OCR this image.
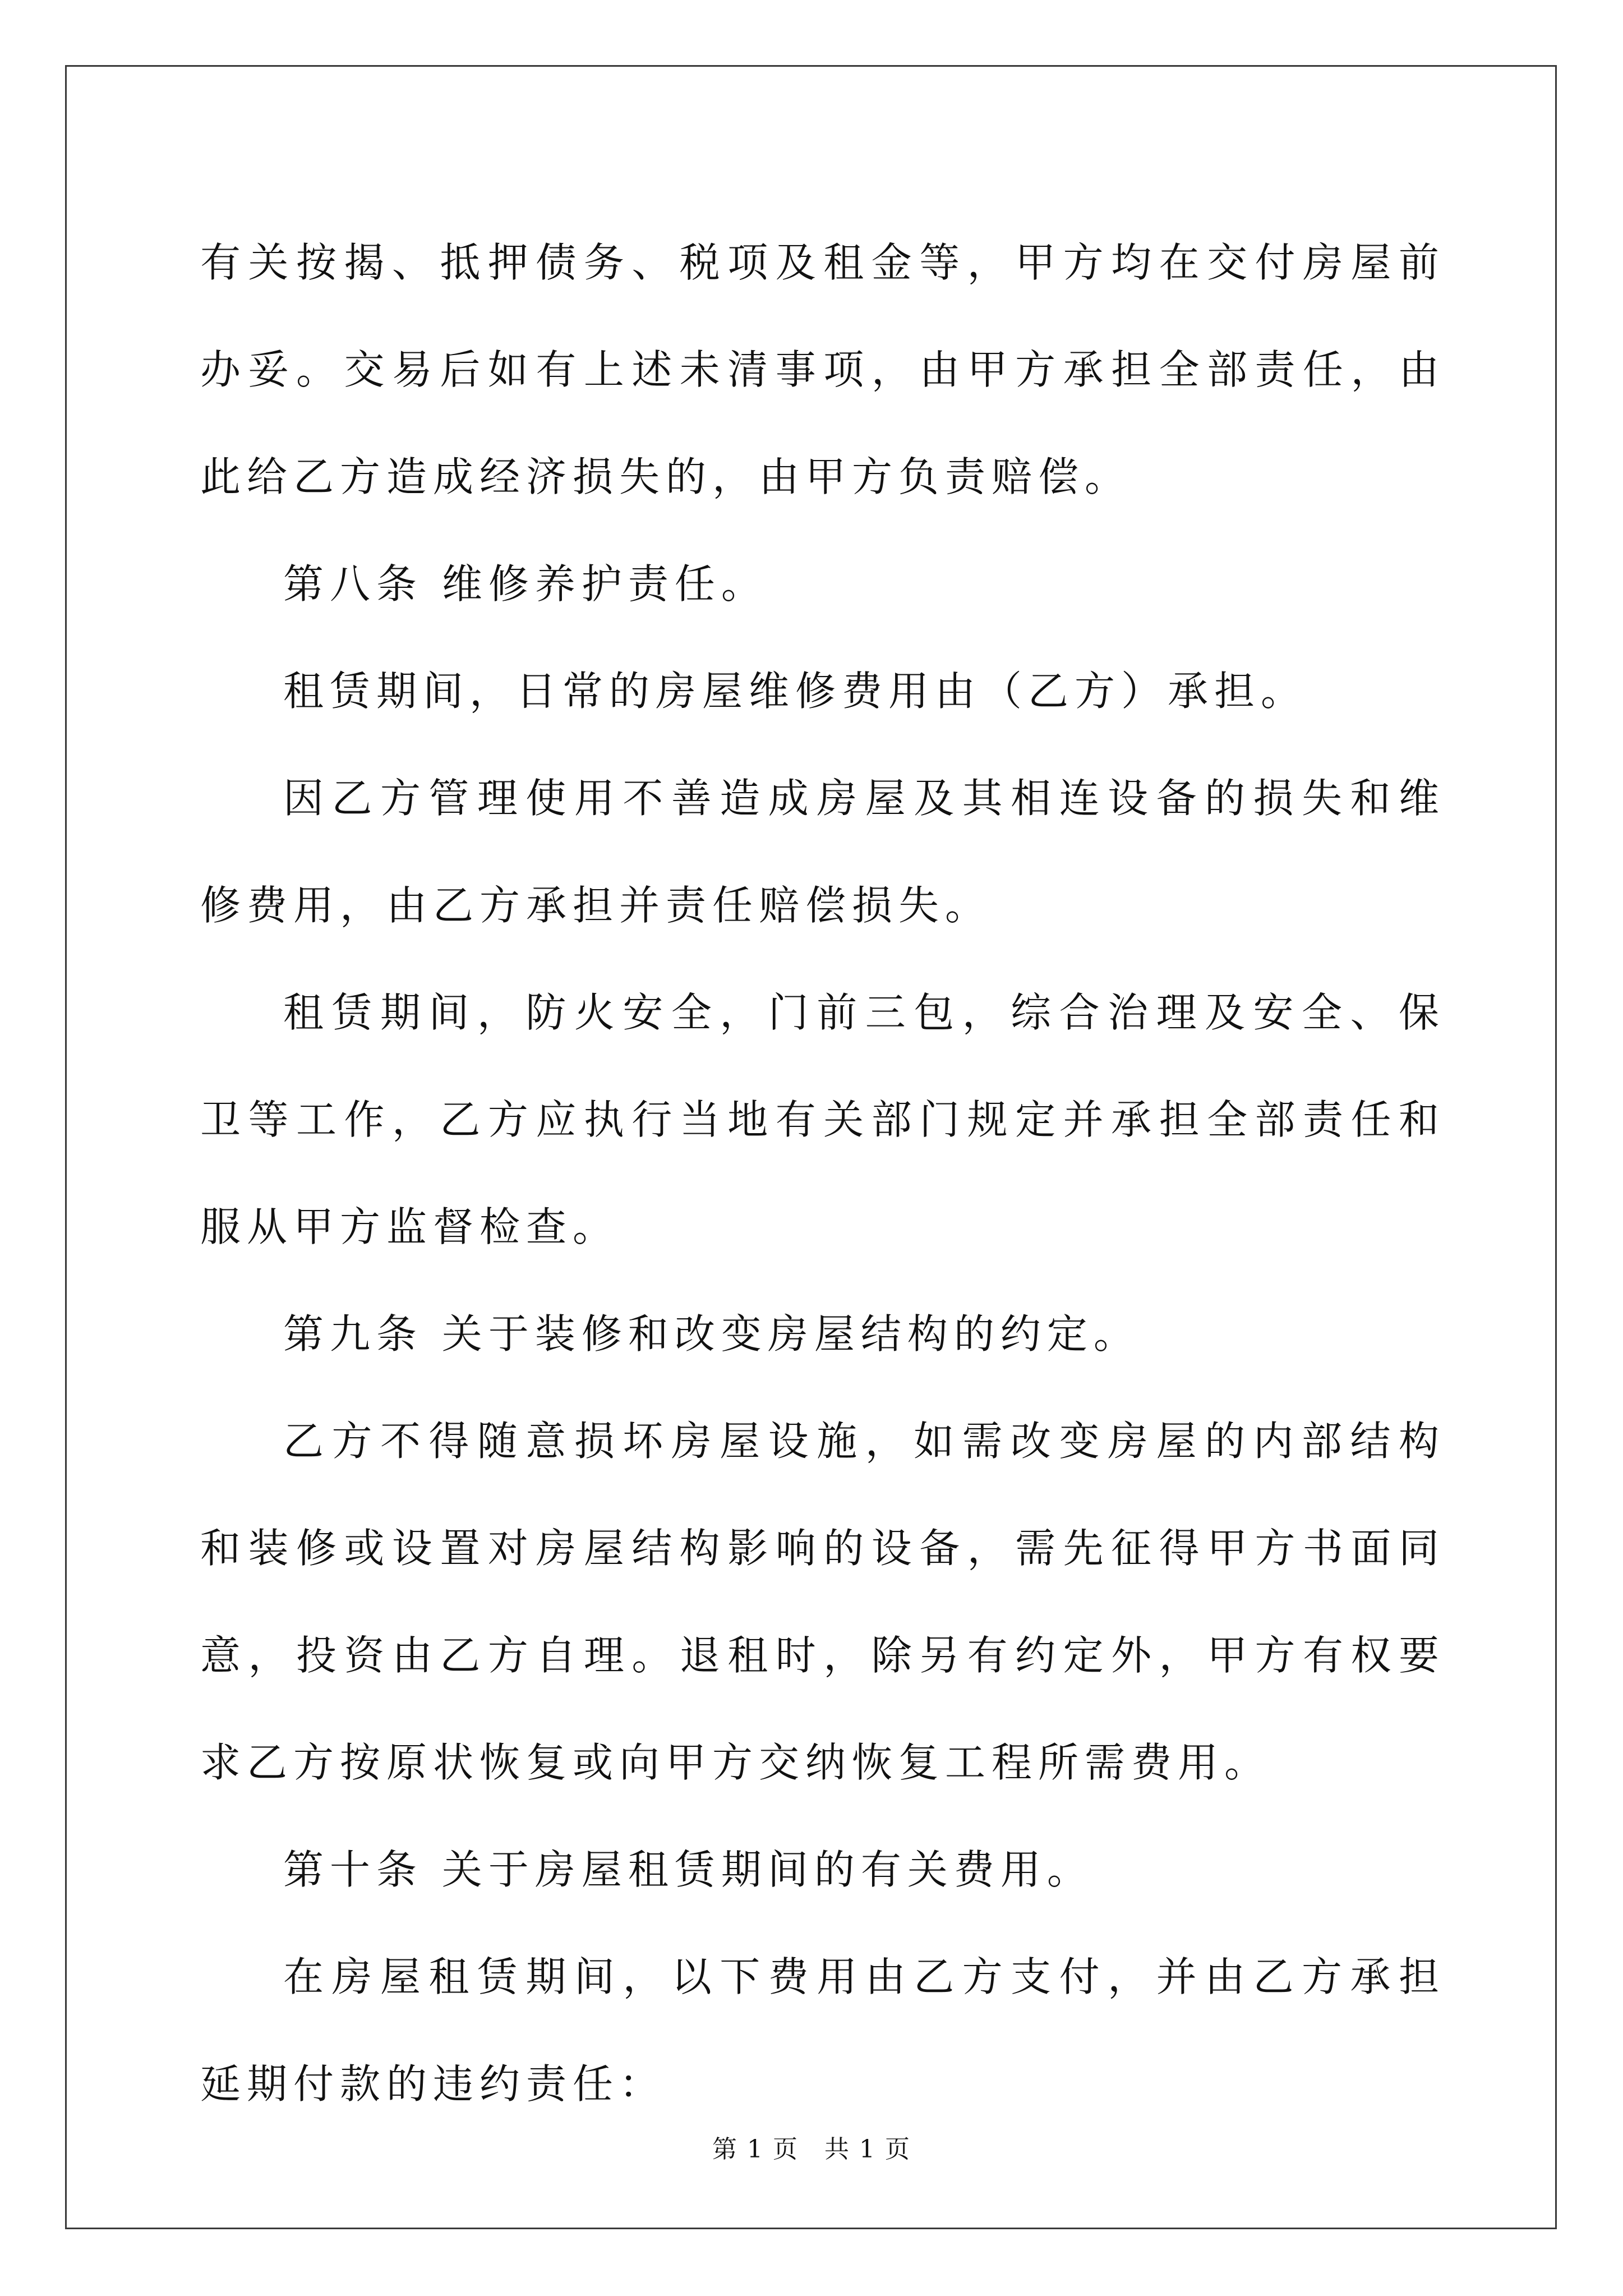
有关按揭、抵押债务、税项及租金等，甲方均在交付房屋前办妥。交易后如有上述未清事项，由甲方承担全部责任，由此给乙方造成经济损失的，由甲方负责赔偿。

第八条 维修养护责任。

租赁期间，日常的房屋维修费用由（乙方）承担。

因乙方管理使用不善造成房屋及其相连设备的损失和维修费用，由乙方承担并责任赔偿损失。

租赁期间，防火安全，门前三包，综合治理及安全、保卫等工作，乙方应执行当地有关部门规定并承担全部责任和服从甲方监督检查。

第九条 关于装修和改变房屋结构的约定。

乙方不得随意损坏房屋设施，如需改变房屋的内部结构和装修或设置对房屋结构影响的设备，需先征得甲方书面同意，投资由乙方自理。退租时，除另有约定外，甲方有权要求乙方按原状恢复或向甲方交纳恢复工程所需费用。

第十条 关于房屋租赁期间的有关费用。

在房屋租赁期间，以下费用由乙方支付，并由乙方承担延期付款的违约责任：

第 1 页　共 1 页
